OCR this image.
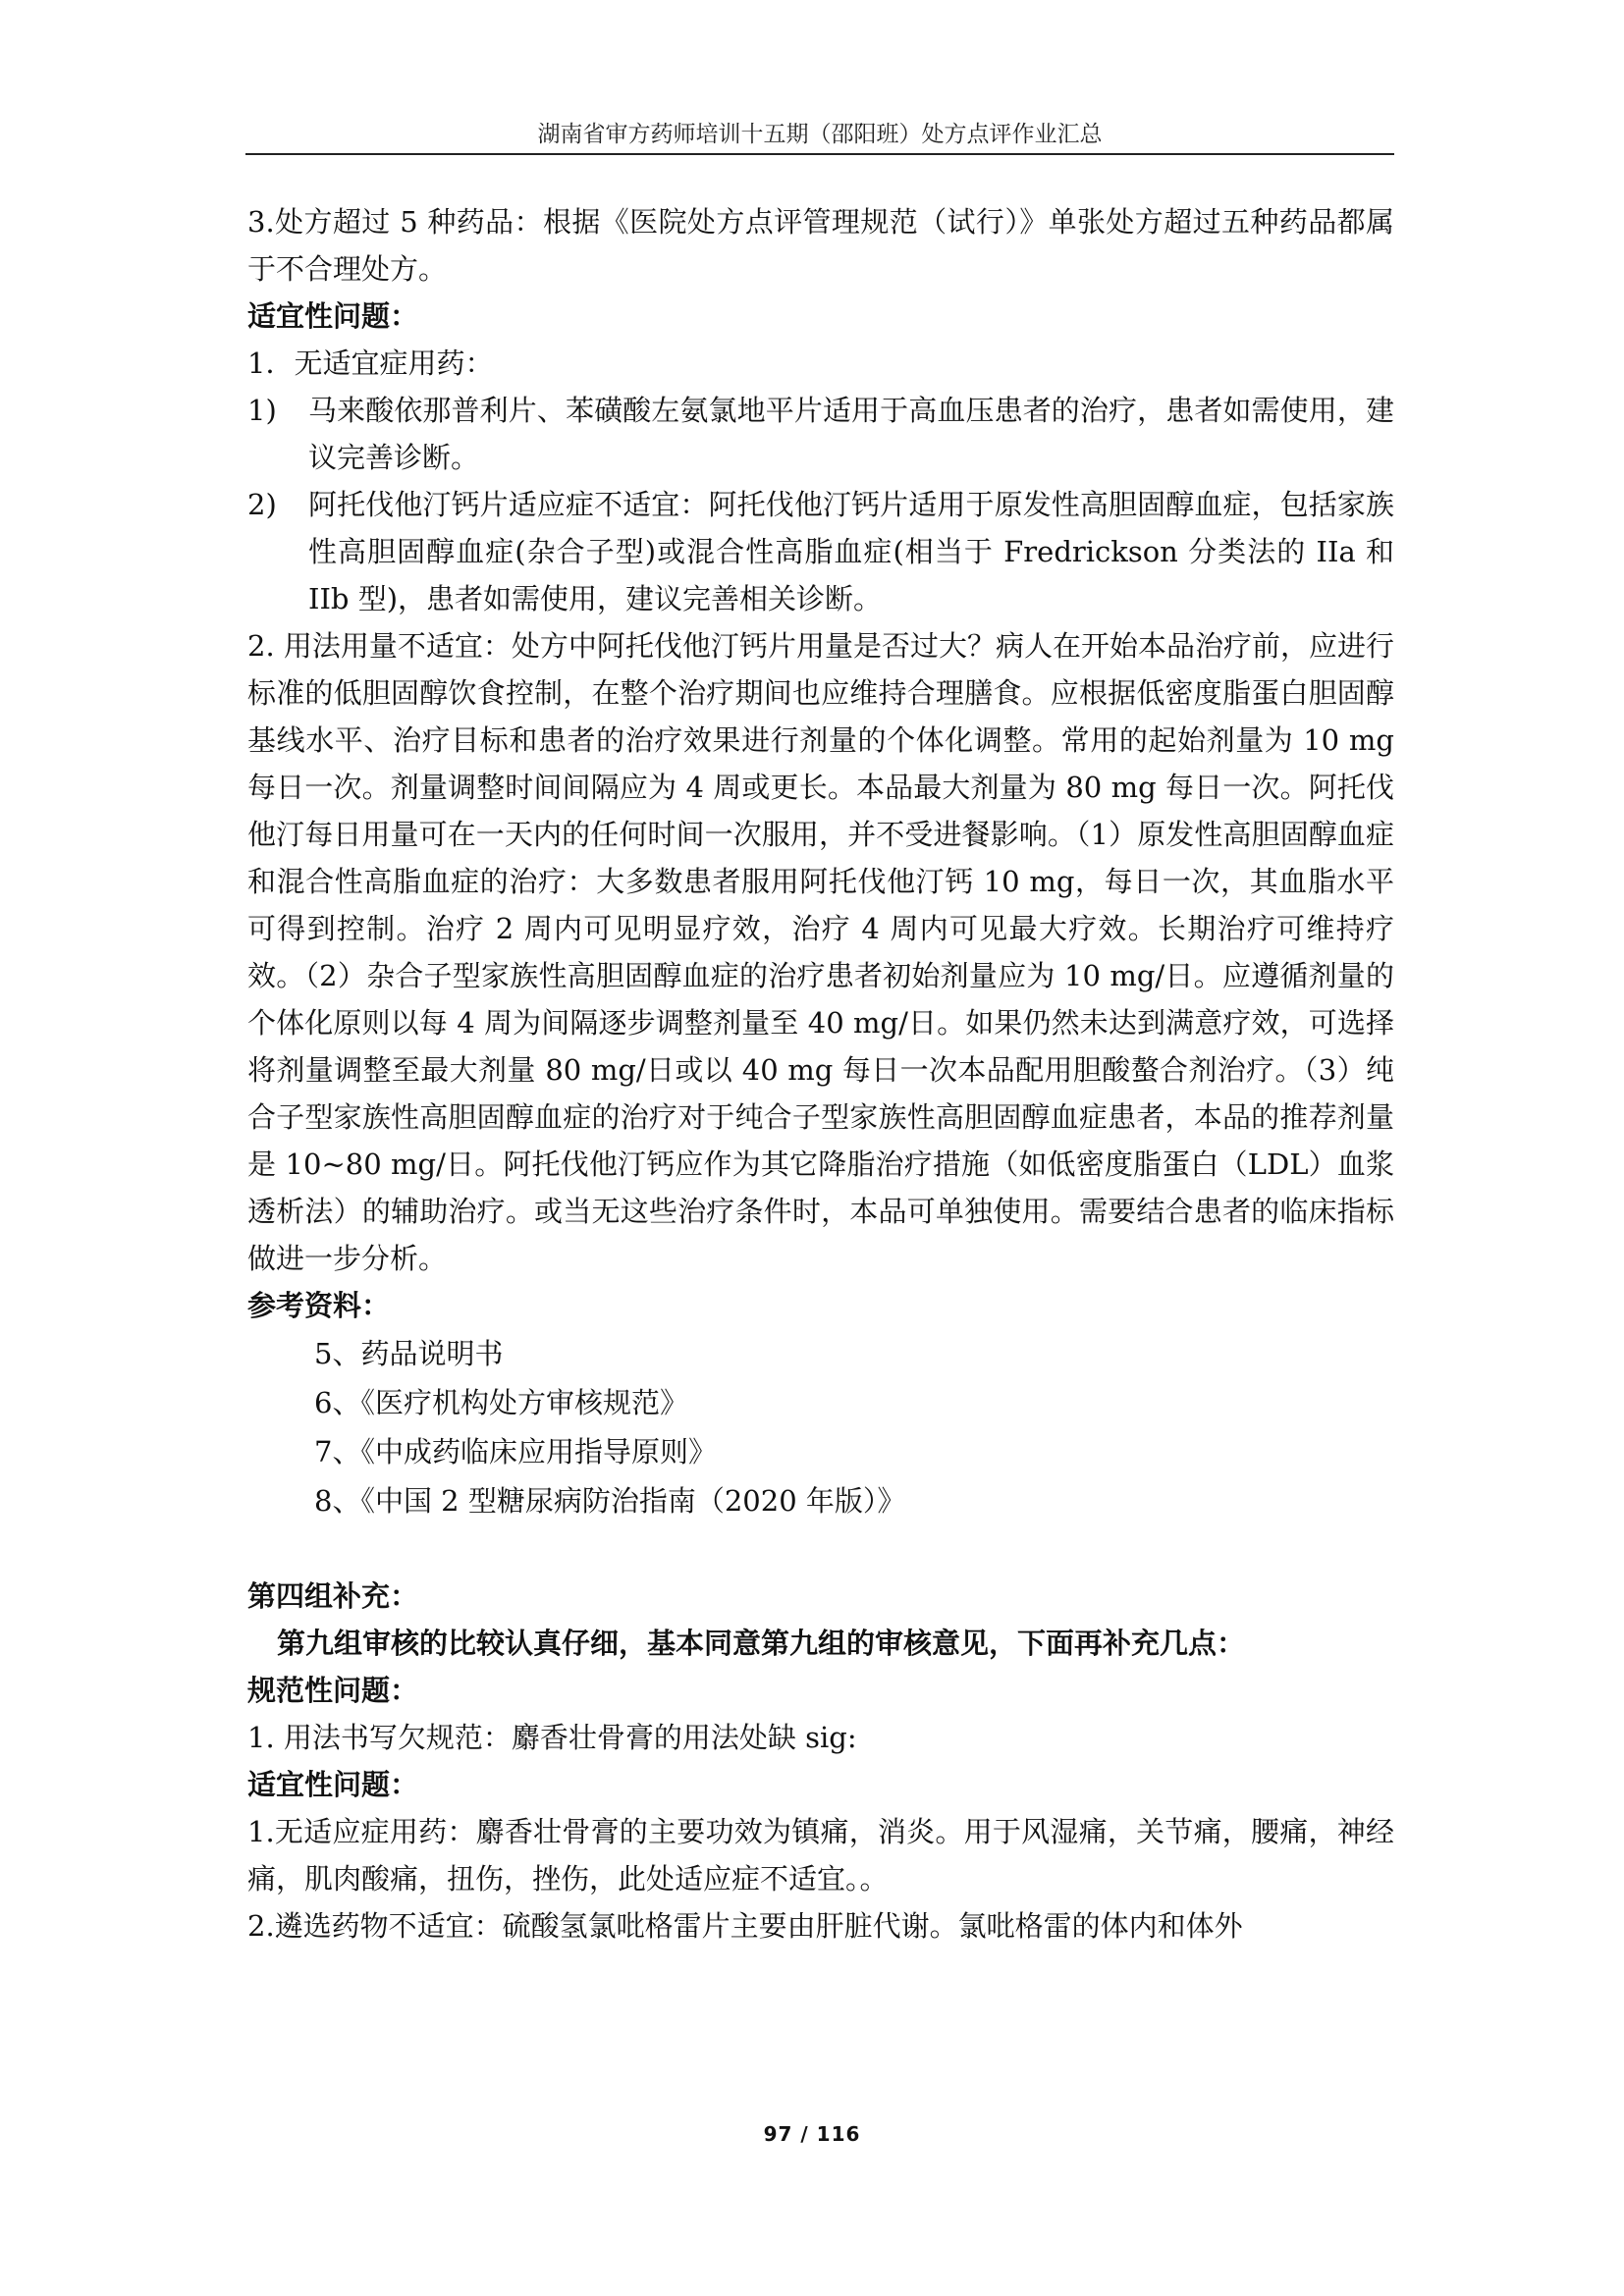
湖南省审方药师培训十五期（邵阳班）处方点评作业汇总

3.处方超过 5 种药品：根据《医院处方点评管理规范（试行）》单张处方超过五种药品都属于不合理处方。

适宜性问题：

1．无适宜症用药：

1)	马来酸依那普利片、苯磺酸左氨氯地平片适用于高血压患者的治疗，患者如需使用，建议完善诊断。
2)	阿托伐他汀钙片适应症不适宜：阿托伐他汀钙片适用于原发性高胆固醇血症，包括家族性高胆固醇血症(杂合子型)或混合性高脂血症(相当于 Fredrickson 分类法的 IIa 和 IIb 型)，患者如需使用，建议完善相关诊断。

2. 用法用量不适宜：处方中阿托伐他汀钙片用量是否过大？病人在开始本品治疗前，应进行标准的低胆固醇饮食控制，在整个治疗期间也应维持合理膳食。应根据低密度脂蛋白胆固醇基线水平、治疗目标和患者的治疗效果进行剂量的个体化调整。常用的起始剂量为 10 mg 每日一次。剂量调整时间间隔应为 4 周或更长。本品最大剂量为 80 mg 每日一次。阿托伐他汀每日用量可在一天内的任何时间一次服用，并不受进餐影响。（1）原发性高胆固醇血症和混合性高脂血症的治疗：大多数患者服用阿托伐他汀钙 10 mg，每日一次，其血脂水平可得到控制。治疗 2 周内可见明显疗效，治疗 4 周内可见最大疗效。长期治疗可维持疗效。（2）杂合子型家族性高胆固醇血症的治疗患者初始剂量应为 10 mg/日。应遵循剂量的个体化原则以每 4 周为间隔逐步调整剂量至 40 mg/日。如果仍然未达到满意疗效，可选择将剂量调整至最大剂量 80 mg/日或以 40 mg 每日一次本品配用胆酸螯合剂治疗。（3）纯合子型家族性高胆固醇血症的治疗对于纯合子型家族性高胆固醇血症患者，本品的推荐剂量是 10~80 mg/日。阿托伐他汀钙应作为其它降脂治疗措施（如低密度脂蛋白（LDL）血浆透析法）的辅助治疗。或当无这些治疗条件时，本品可单独使用。需要结合患者的临床指标做进一步分析。

参考资料：

5、药品说明书

6、《医疗机构处方审核规范》

7、《中成药临床应用指导原则》

8、《中国 2 型糖尿病防治指南（2020 年版）》

第四组补充：

第九组审核的比较认真仔细，基本同意第九组的审核意见，下面再补充几点：

规范性问题：

1. 用法书写欠规范：麝香壮骨膏的用法处缺 sig:

适宜性问题：

1.无适应症用药：麝香壮骨膏的主要功效为镇痛，消炎。用于风湿痛，关节痛，腰痛，神经痛，肌肉酸痛，扭伤，挫伤，此处适应症不适宜。。

2.遴选药物不适宜：硫酸氢氯吡格雷片主要由肝脏代谢。氯吡格雷的体内和体外

97 / 116
